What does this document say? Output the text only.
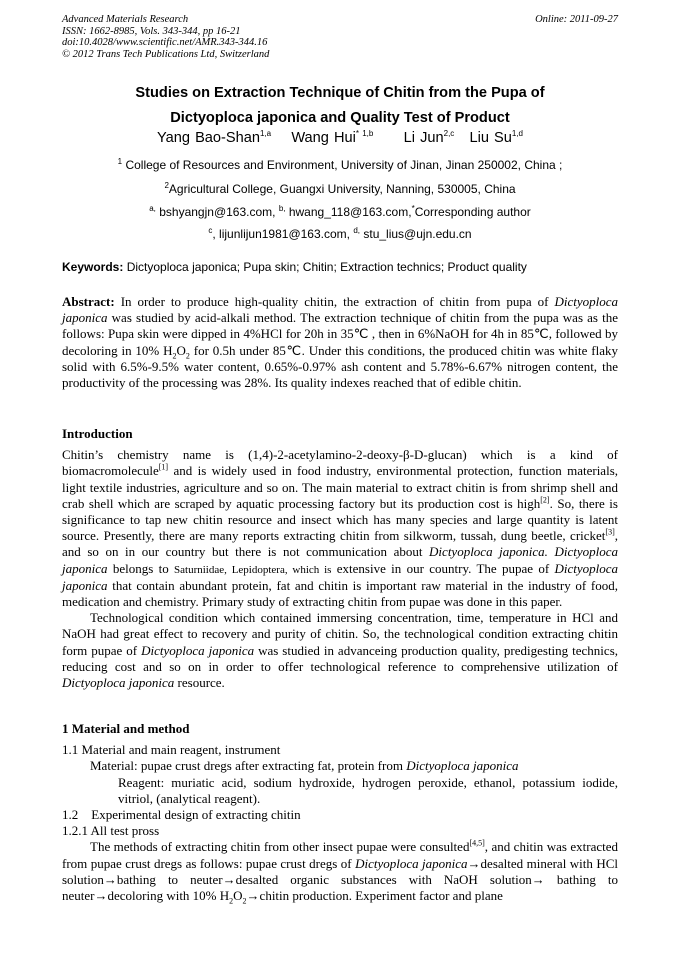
Advanced Materials Research
ISSN: 1662-8985, Vols. 343-344, pp 16-21
doi:10.4028/www.scientific.net/AMR.343-344.16
© 2012 Trans Tech Publications Ltd, Switzerland
Online: 2011-09-27
Studies on Extraction Technique of Chitin from the Pupa of
Dictyoploca japonica and Quality Test of Product
Yang Bao-Shan$^{1,a}$ Wang Hui$^{* 1,b}$ Li Jun$^{2,c}$ Liu Su$^{1,d}$
$^1$ College of Resources and Environment, University of Jinan, Jinan 250002, China ;
$^2$Agricultural College, Guangxi University, Nanning, 530005, China
$^{a,}$ bshyangjn@163.com, $^{b,}$ hwang_118@163.com,*Corresponding author
$^c$, lijunlijun1981@163.com, $^{d,}$ stu_lius@ujn.edu.cn
Keywords: Dictyoploca japonica; Pupa skin; Chitin; Extraction technics; Product quality

Abstract: In order to produce high-quality chitin, the extraction of chitin from pupa of Dictyoploca japonica was studied by acid-alkali method. The extraction technique of chitin from the pupa was as the follows: Pupa skin were dipped in 4%HCl for 20h in 35℃ , then in 6%NaOH for 4h in 85℃, followed by decoloring in 10% $H_2O_2$ for 0.5h under 85℃. Under this conditions, the produced chitin was white flaky solid with 6.5%-9.5% water content, 0.65%-0.97% ash content and 5.78%-6.67% nitrogen content, the productivity of the processing was 28%. Its quality indexes reached that of edible chitin.

Introduction

Chitin’s chemistry name is (1,4)-2-acetylamino-2-deoxy-β-D-glucan) which is a kind of biomacromolecule[1] and is widely used in food industry, environmental protection, function materials, light textile industries, agriculture and so on. The main material to extract chitin is from shrimp shell and crab shell which are scraped by aquatic processing factory but its production cost is high[2]. So, there is significance to tap new chitin resource and insect which has many species and large quantity is latent source. Presently, there are many reports extracting chitin from silkworm, tussah, dung beetle, cricket[3], and so on in our country but there is not communication about Dictyoploca japonica. Dictyoploca japonica belongs to Saturniidae, Lepidoptera, which is extensive in our country. The pupae of Dictyoploca japonica that contain abundant protein, fat and chitin is important raw material in the industry of food, medication and chemistry. Primary study of extracting chitin from pupae was done in this paper.

Technological condition which contained immersing concentration, time, temperature in HCl and NaOH had great effect to recovery and purity of chitin. So, the technological condition extracting chitin form pupae of Dictyoploca japonica was studied in advanceing production quality, predigesting technics, reducing cost and so on in order to offer technological reference to comprehensive utilization of Dictyoploca japonica resource.

1 Material and method

1.1 Material and main reagent, instrument

Material: pupae crust dregs after extracting fat, protein from Dictyoploca japonica

Reagent: muriatic acid, sodium hydroxide, hydrogen peroxide, ethanol, potassium iodide, vitriol, (analytical reagent).

1.2    Experimental design of extracting chitin

1.2.1 All test pross

The methods of extracting chitin from other insect pupae were consulted[4,5], and chitin was extracted from pupae crust dregs as follows: pupae crust dregs of Dictyoploca japonica→desalted mineral with HCl solution→bathing to neuter→desalted organic substances with NaOH solution→ bathing to neuter→decoloring with 10% $H_2O_2\to chitin$ production. Experiment factor and plane
